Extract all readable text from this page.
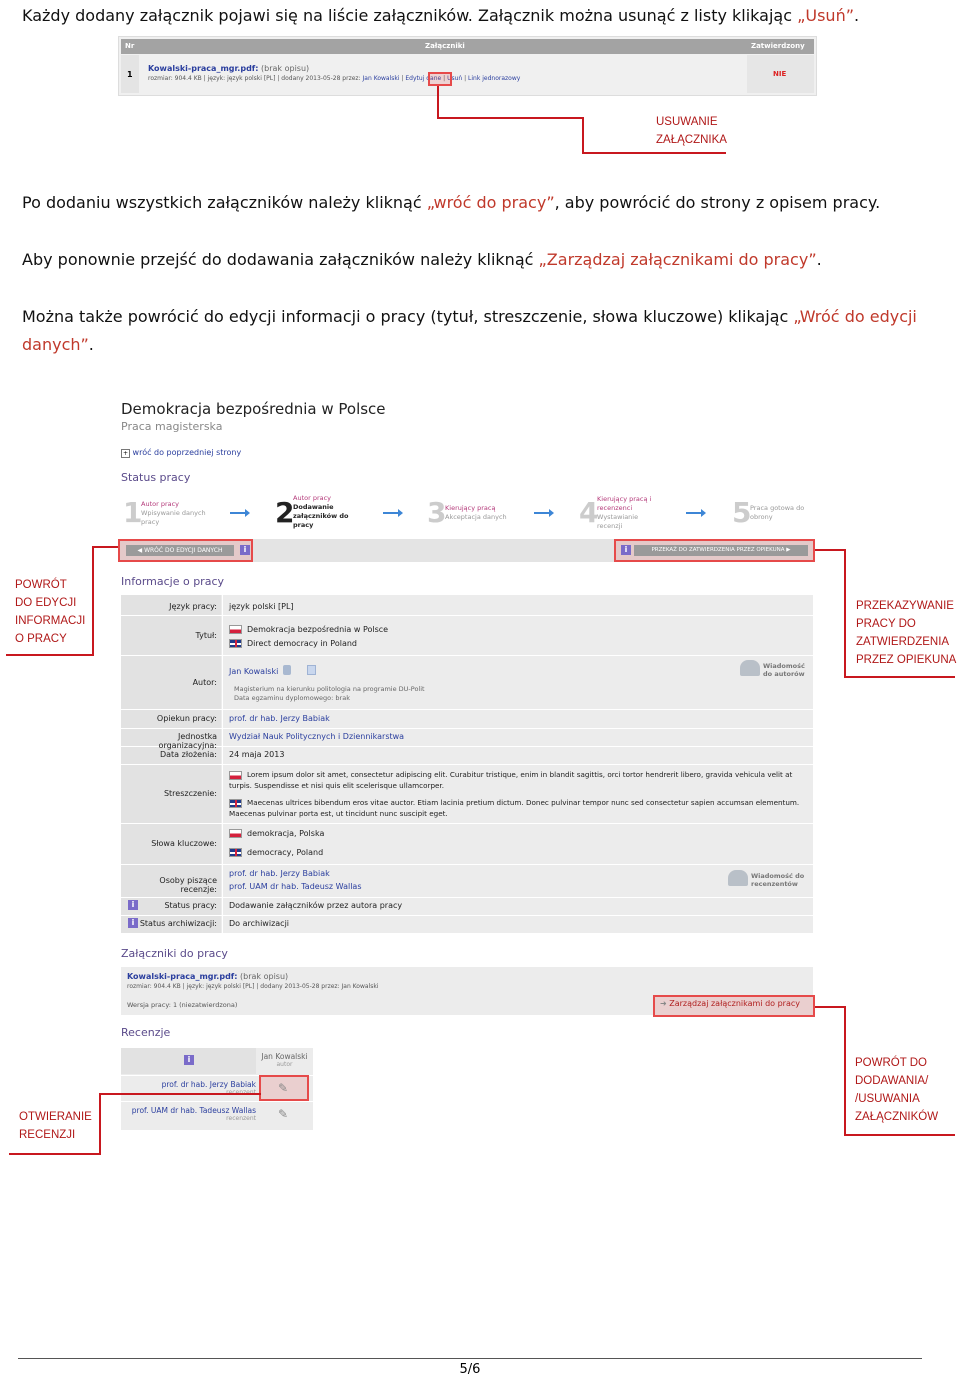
Każdy dodany załącznik pojawi się na liście załączników. Załącznik można usunąć z listy klikając „Usuń”.
Nr	Załączniki	Zatwierdzony
1
Kowalski-praca_mgr.pdf: (brak opisu)
rozmiar: 904.4 KB | język: język polski [PL] | dodany 2013-05-28 przez: Jan Kowalski | Edytuj dane | Usuń | Link jednorazowy
NIE
USUWANIE
ZAŁĄCZNIKA
Po dodaniu wszystkich załączników należy kliknąć „wróć do pracy”, aby powrócić do strony z opisem pracy.
Aby ponownie przejść do dodawania załączników należy kliknąć „Zarządzaj załącznikami do pracy”.
Można także powrócić do edycji informacji o pracy (tytuł, streszczenie, słowa kluczowe) klikając „Wróć do edycji danych”.
Demokracja bezpośrednia w Polsce
Praca magisterska
+ wróć do poprzedniej strony
Status pracy
1
Autor pracy
Wpisywanie danych
pracy	2
Autor pracy
Dodawanie
załączników do
pracy	3
Kierujący pracą
Akceptacja danych	4
Kierujący pracą i
recenzenci
Wystawianie
recenzji	5
Praca gotowa do
obrony
◀ WRÓĆ DO EDYCJI DANYCH	i	i	PRZEKAŻ DO ZATWIERDZENIA PRZEZ OPIEKUNA ▶
Informacje o pracy
Język pracy: język polski [PL]
Tytuł:
Demokracja bezpośrednia w Polsce
Direct democracy in Poland
Autor:
Jan Kowalski
Magisterium na kierunku politologia na programie DU-Polit
Data egzaminu dyplomowego: brak
Wiadomość
do autorów
Opiekun pracy: prof. dr hab. Jerzy Babiak
Jednostka organizacyjna:
Wydział Nauk Politycznych i Dziennikarstwa
Data złożenia: 24 maja 2013
Streszczenie:
Lorem ipsum dolor sit amet, consectetur adipiscing elit. Curabitur tristique, enim in blandit sagittis, orci tortor hendrerit libero, gravida vehicula velit at
turpis. Suspendisse et nisi quis elit scelerisque ullamcorper.
Maecenas ultrices bibendum eros vitae auctor. Etiam lacinia pretium dictum. Donec pulvinar tempor nunc sed consectetur sapien accumsan elementum.
Maecenas pulvinar porta est, ut tincidunt nunc suscipit eget.
Słowa kluczowe:
demokracja, Polska
democracy, Poland
Osoby piszące recenzje:
prof. dr hab. Jerzy Babiak
prof. UAM dr hab. Tadeusz Wallas
Wiadomość do
recenzentów
i	Status pracy: Dodawanie załączników przez autora pracy
i Status archiwizacji: Do archiwizacji
Załączniki do pracy
Kowalski-praca_mgr.pdf: (brak opisu)
rozmiar: 904.4 KB | język: język polski [PL] | dodany 2013-05-28 przez: Jan Kowalski
Wersja pracy: 1 (niezatwierdzona)	➜ Zarządzaj załącznikami do pracy
Recenzje
i	Jan Kowalski
autor
prof. dr hab. Jerzy Babiak ✎
prof. UAM dr hab. Tadeusz Wallas
recenzent ✎
POWRÓT
DO EDYCJI
INFORMACJI
O PRACY
PRZEKAZYWANIE
PRACY DO
ZATWIERDZENIA
PRZEZ OPIEKUNA
POWRÓT DO
DODAWANIA/
/USUWANIA
ZAŁĄCZNIKÓW
OTWIERANIE
RECENZJI
5/6
